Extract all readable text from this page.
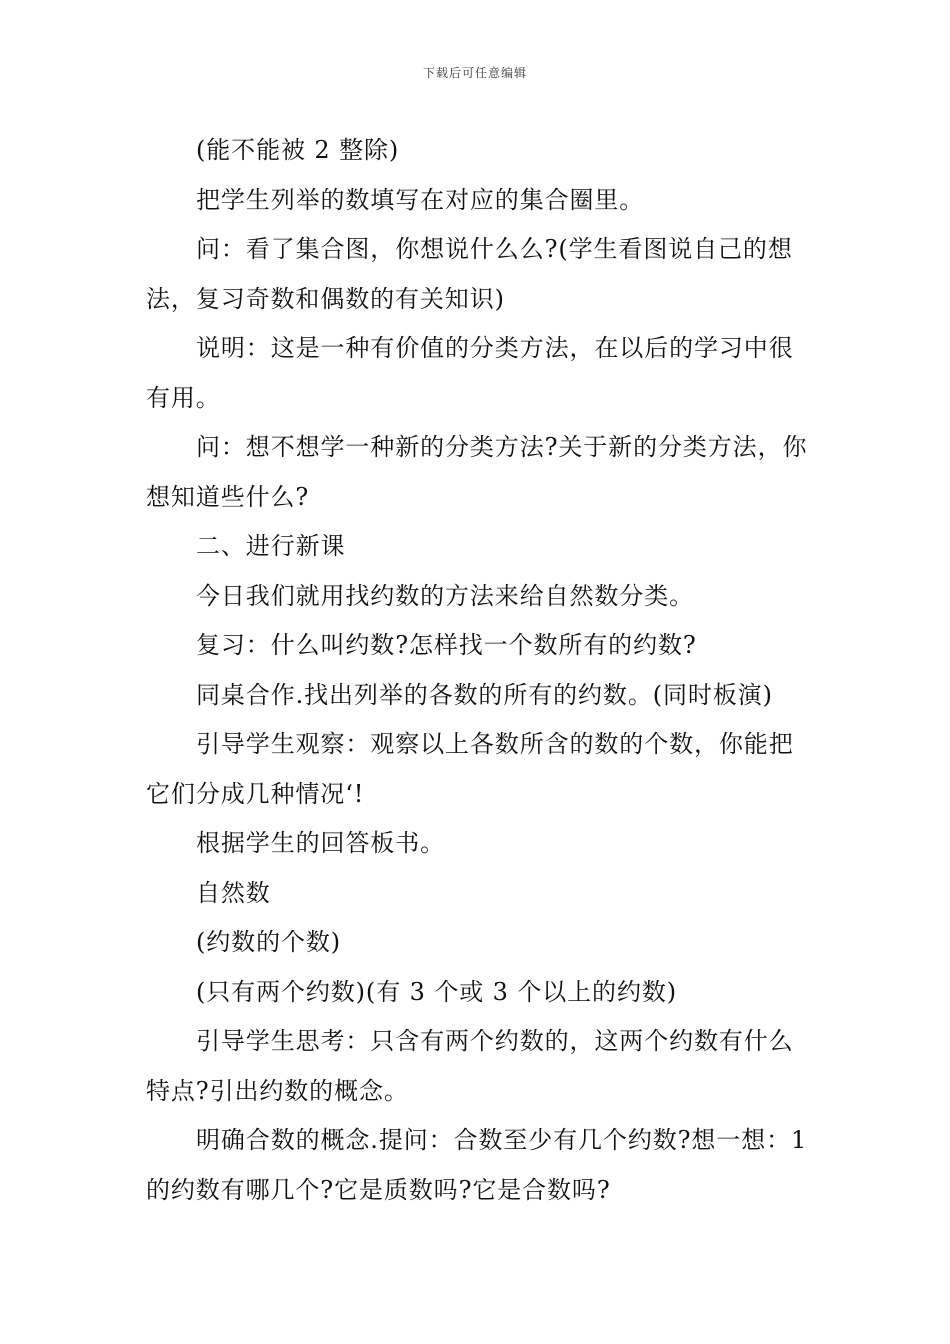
下载后可任意编辑

(能不能被 2 整除)

把学生列举的数填写在对应的集合圈里。

问：看了集合图，你想说什么么?(学生看图说自己的想法，复习奇数和偶数的有关知识)

说明：这是一种有价值的分类方法，在以后的学习中很有用。

问：想不想学一种新的分类方法?关于新的分类方法，你想知道些什么?

二、进行新课

今日我们就用找约数的方法来给自然数分类。

复习：什么叫约数?怎样找一个数所有的约数?

同桌合作.找出列举的各数的所有的约数。(同时板演)

引导学生观察：观察以上各数所含的数的个数，你能把它们分成几种情况‘!

根据学生的回答板书。

自然数

(约数的个数)

(只有两个约数)(有 3 个或 3 个以上的约数)

引导学生思考：只含有两个约数的，这两个约数有什么特点?引出约数的概念。

明确合数的概念.提问：合数至少有几个约数?想一想：1 的约数有哪几个?它是质数吗?它是合数吗?
